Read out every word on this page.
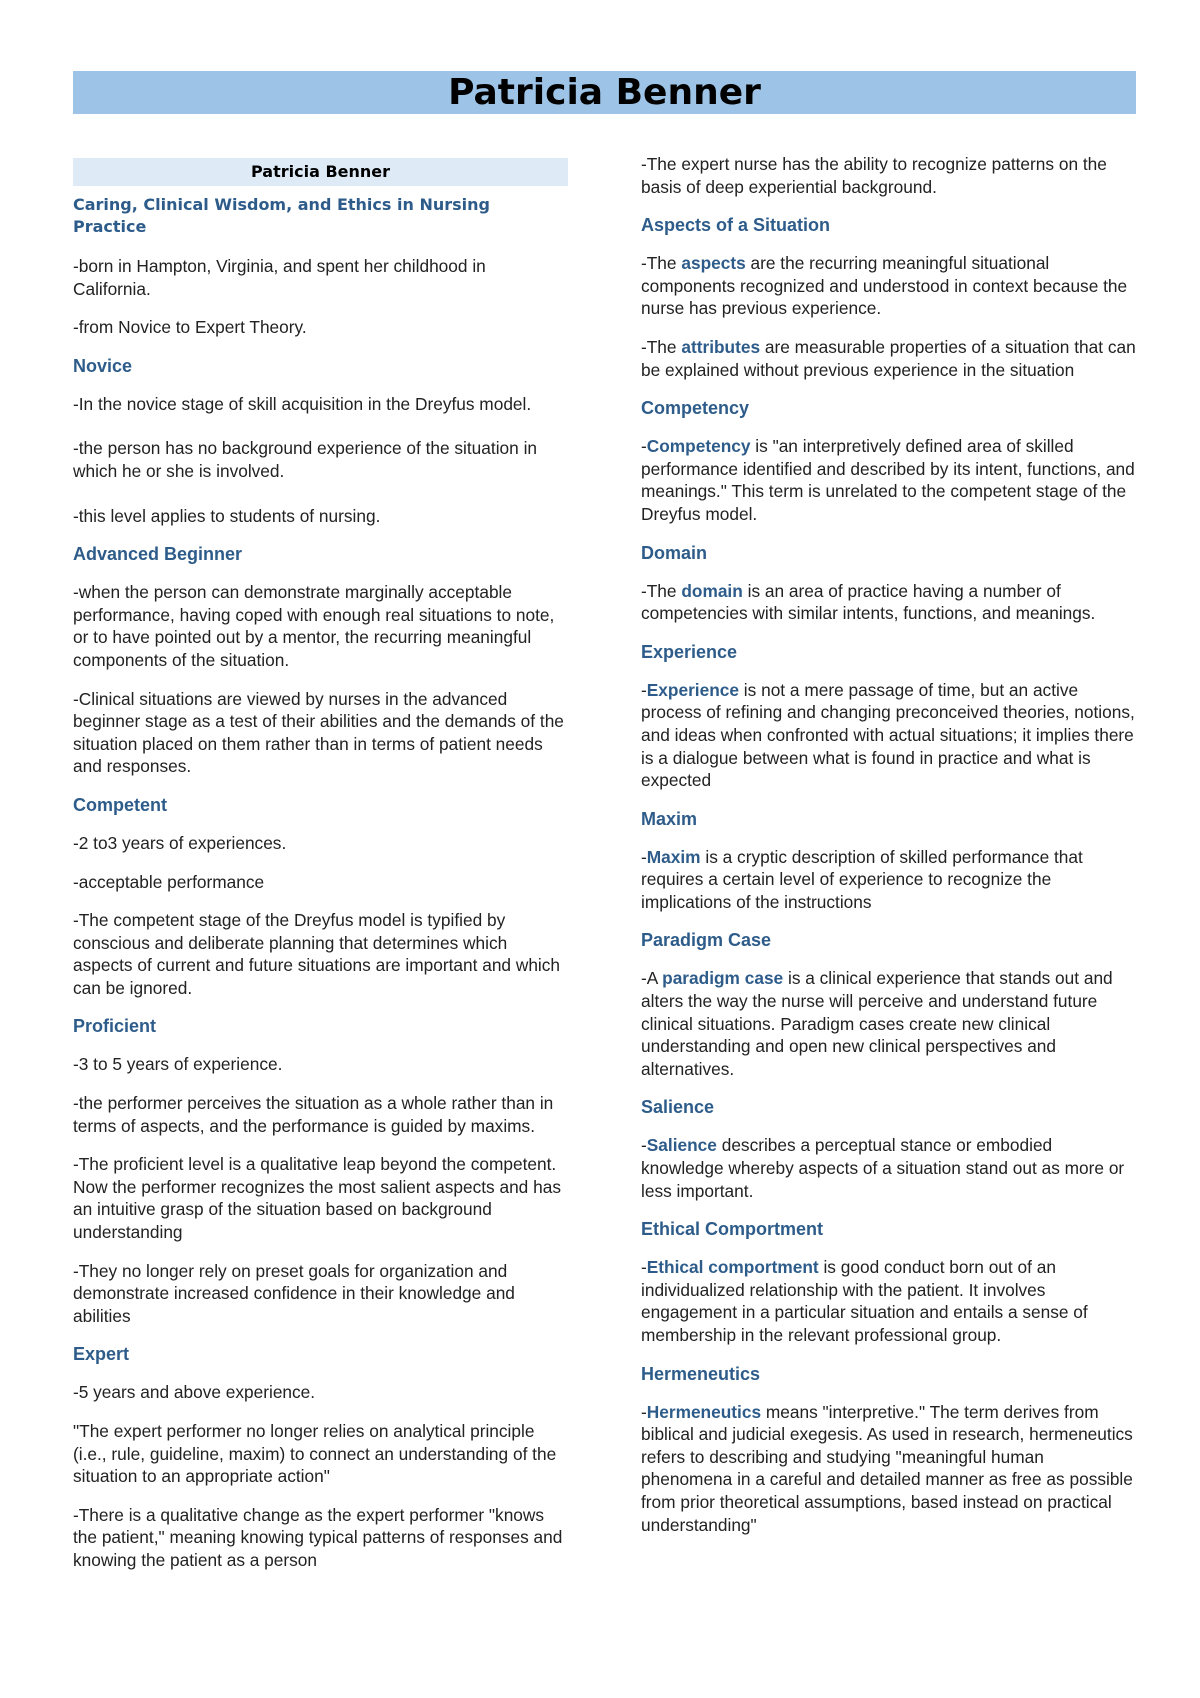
Patricia Benner
Patricia Benner
Caring, Clinical Wisdom, and Ethics in Nursing Practice

-born in Hampton, Virginia, and spent her childhood in California.

-from Novice to Expert Theory.

Novice

-In the novice stage of skill acquisition in the Dreyfus model.

-the person has no background experience of the situation in which he or she is involved.

-this level applies to students of nursing.

Advanced Beginner

-when the person can demonstrate marginally acceptable performance, having coped with enough real situations to note, or to have pointed out by a mentor, the recurring meaningful components of the situation.

-Clinical situations are viewed by nurses in the advanced beginner stage as a test of their abilities and the demands of the situation placed on them rather than in terms of patient needs and responses.

Competent

-2 to3 years of experiences.

-acceptable performance

-The competent stage of the Dreyfus model is typified by conscious and deliberate planning that determines which aspects of current and future situations are important and which can be ignored.

Proficient

-3 to 5 years of experience.

-the performer perceives the situation as a whole rather than in terms of aspects, and the performance is guided by maxims.

-The proficient level is a qualitative leap beyond the competent. Now the performer recognizes the most salient aspects and has an intuitive grasp of the situation based on background understanding

-They no longer rely on preset goals for organization and demonstrate increased confidence in their knowledge and abilities

Expert

-5 years and above experience.

"The expert performer no longer relies on analytical principle (i.e., rule, guideline, maxim) to connect an understanding of the situation to an appropriate action"

-There is a qualitative change as the expert performer "knows the patient," meaning knowing typical patterns of responses and knowing the patient as a person

-The expert nurse has the ability to recognize patterns on the basis of deep experiential background.

Aspects of a Situation

-The aspects are the recurring meaningful situational components recognized and understood in context because the nurse has previous experience.

-The attributes are measurable properties of a situation that can be explained without previous experience in the situation

Competency

-Competency is "an interpretively defined area of skilled performance identified and described by its intent, functions, and meanings." This term is unrelated to the competent stage of the Dreyfus model.

Domain

-The domain is an area of practice having a number of competencies with similar intents, functions, and meanings.

Experience

-Experience is not a mere passage of time, but an active process of refining and changing preconceived theories, notions, and ideas when confronted with actual situations; it implies there is a dialogue between what is found in practice and what is expected

Maxim

-Maxim is a cryptic description of skilled performance that requires a certain level of experience to recognize the implications of the instructions

Paradigm Case

-A paradigm case is a clinical experience that stands out and alters the way the nurse will perceive and understand future clinical situations. Paradigm cases create new clinical understanding and open new clinical perspectives and alternatives.

Salience

-Salience describes a perceptual stance or embodied knowledge whereby aspects of a situation stand out as more or less important.

Ethical Comportment

-Ethical comportment is good conduct born out of an individualized relationship with the patient. It involves engagement in a particular situation and entails a sense of membership in the relevant professional group.

Hermeneutics

-Hermeneutics means "interpretive." The term derives from biblical and judicial exegesis. As used in research, hermeneutics refers to describing and studying "meaningful human phenomena in a careful and detailed manner as free as possible from prior theoretical assumptions, based instead on practical understanding"
